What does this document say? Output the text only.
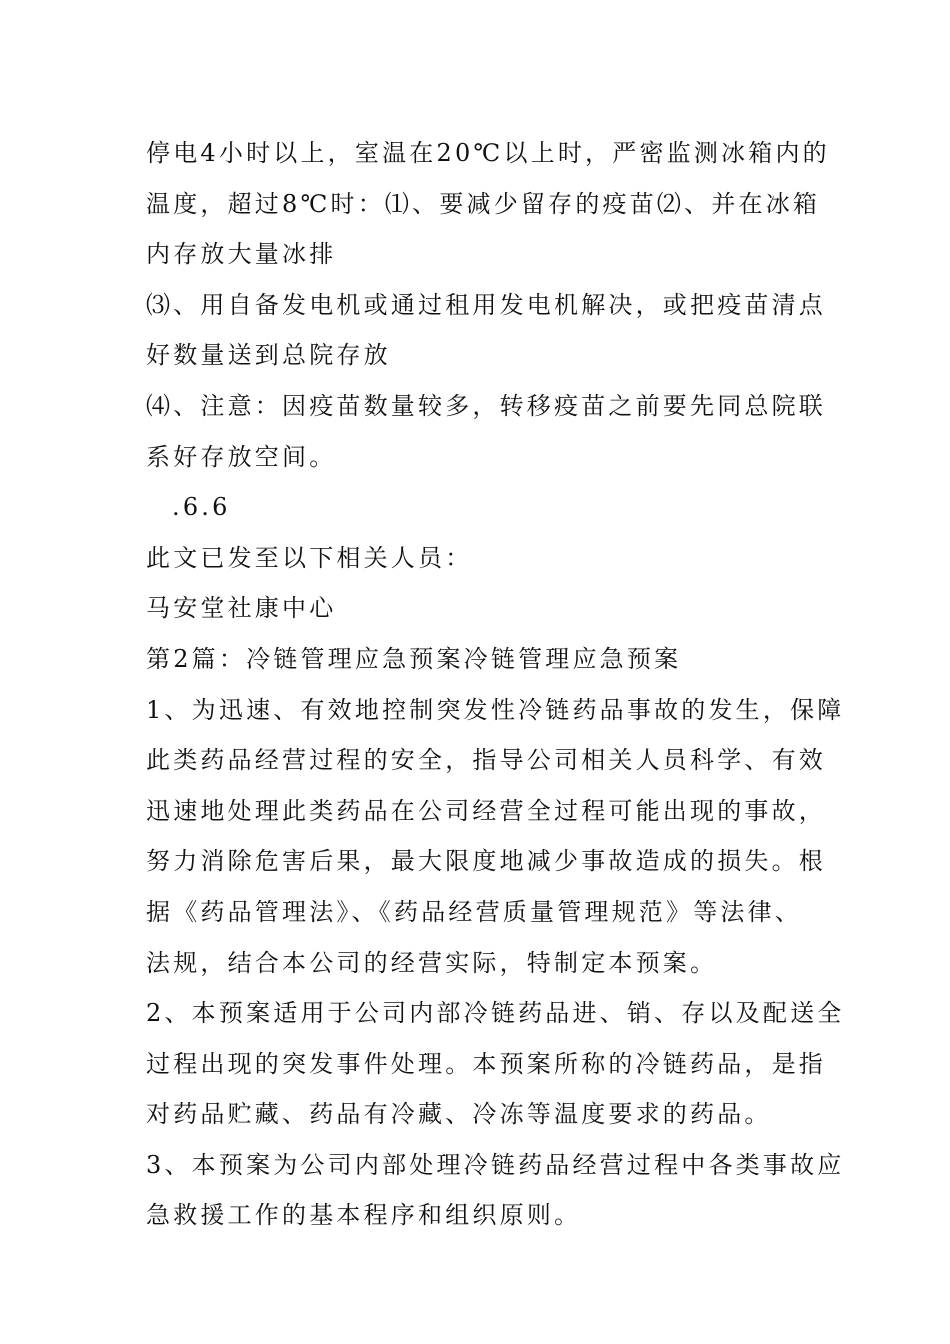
停电4小时以上，室温在20℃以上时，严密监测冰箱内的
温度，超过8℃时：⑴、要减少留存的疫苗⑵、并在冰箱
内存放大量冰排
⑶、用自备发电机或通过租用发电机解决，或把疫苗清点
好数量送到总院存放
⑷、注意：因疫苗数量较多，转移疫苗之前要先同总院联
系好存放空间。
.6.6
此文已发至以下相关人员：
马安堂社康中心
第2篇：冷链管理应急预案冷链管理应急预案
1、为迅速、有效地控制突发性冷链药品事故的发生，保障
此类药品经营过程的安全，指导公司相关人员科学、有效
迅速地处理此类药品在公司经营全过程可能出现的事故，
努力消除危害后果，最大限度地减少事故造成的损失。根
据《药品管理法》、《药品经营质量管理规范》等法律、
法规，结合本公司的经营实际，特制定本预案。
2、本预案适用于公司内部冷链药品进、销、存以及配送全
过程出现的突发事件处理。本预案所称的冷链药品，是指
对药品贮藏、药品有冷藏、冷冻等温度要求的药品。
3、本预案为公司内部处理冷链药品经营过程中各类事故应
急救援工作的基本程序和组织原则。
